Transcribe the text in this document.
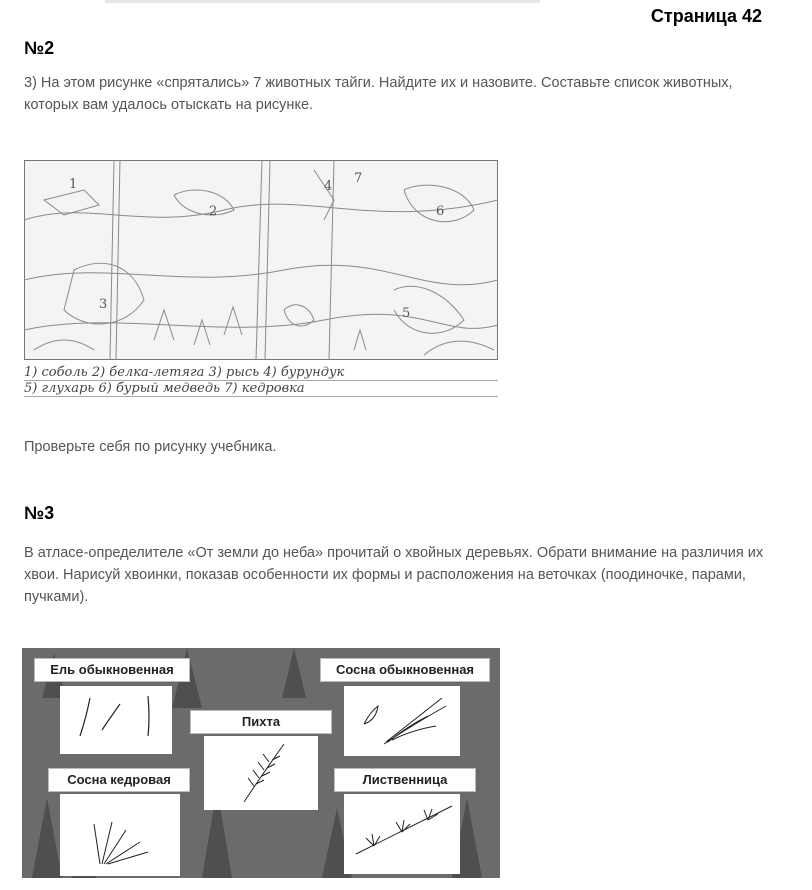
Страница 42
№2
3) На этом рисунке «спрятались» 7 животных тайги. Найдите их и назовите. Составьте список животных, которых вам удалось отыскать на рисунке.
1
2
3
4
5
6
7
1) соболь 2) белка-летяга 3) рысь 4) бурундук
5) глухарь 6) бурый медведь 7) кедровка
Проверьте себя по рисунку учебника.
№3
В атласе-определителе «От земли до неба» прочитай о хвойных деревьях. Обрати внимание на различия их хвои. Нарисуй хвоинки, показав особенности их формы и расположения на веточках (поодиночке, парами, пучками).
Ель обыкновенная
Пихта
Сосна обыкновенная
Сосна кедровая	Лиственница
